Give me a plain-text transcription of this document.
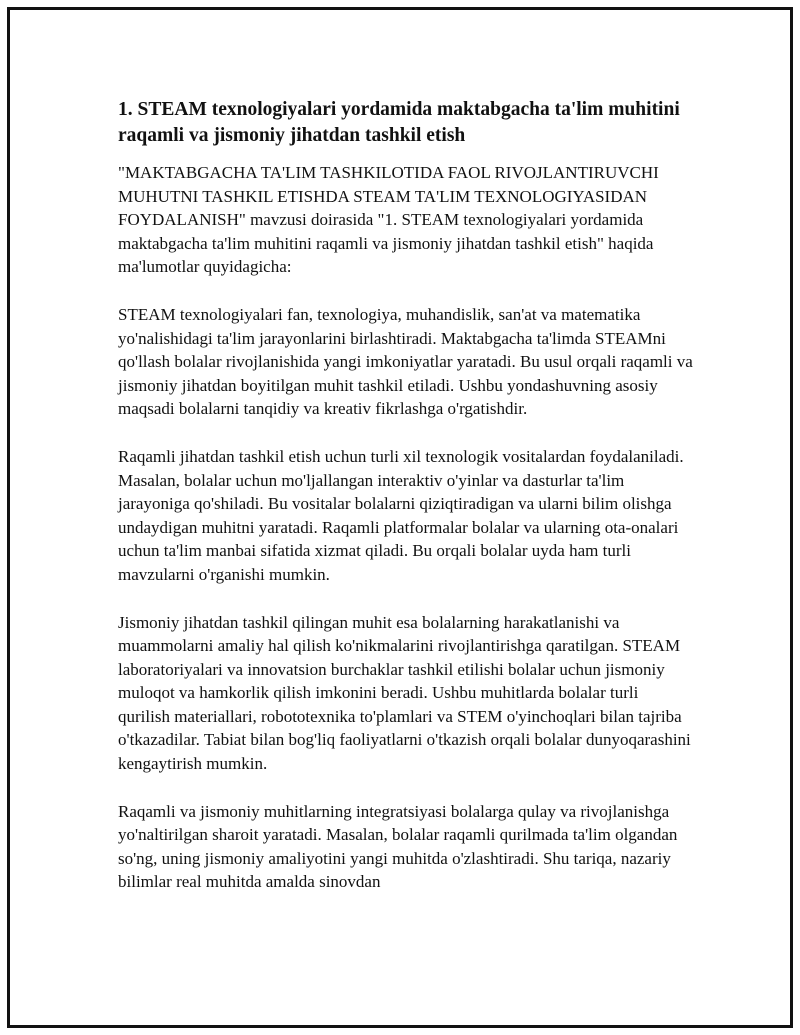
1. STEAM texnologiyalari yordamida maktabgacha ta'lim muhitini raqamli va jismoniy jihatdan tashkil etish

"MAKTABGACHA TA'LIM TASHKILOTIDA FAOL RIVOJLANTIRUVCHI MUHUTNI TASHKIL ETISHDA STEAM TA'LIM TEXNOLOGIYASIDAN FOYDALANISH" mavzusi doirasida "1. STEAM texnologiyalari yordamida maktabgacha ta'lim muhitini raqamli va jismoniy jihatdan tashkil etish" haqida ma'lumotlar quyidagicha:

STEAM texnologiyalari fan, texnologiya, muhandislik, san'at va matematika yo'nalishidagi ta'lim jarayonlarini birlashtiradi. Maktabgacha ta'limda STEAMni qo'llash bolalar rivojlanishida yangi imkoniyatlar yaratadi. Bu usul orqali raqamli va jismoniy jihatdan boyitilgan muhit tashkil etiladi. Ushbu yondashuvning asosiy maqsadi bolalarni tanqidiy va kreativ fikrlashga o'rgatishdir.

Raqamli jihatdan tashkil etish uchun turli xil texnologik vositalardan foydalaniladi. Masalan, bolalar uchun mo'ljallangan interaktiv o'yinlar va dasturlar ta'lim jarayoniga qo'shiladi. Bu vositalar bolalarni qiziqtiradigan va ularni bilim olishga undaydigan muhitni yaratadi. Raqamli platformalar bolalar va ularning ota-onalari uchun ta'lim manbai sifatida xizmat qiladi. Bu orqali bolalar uyda ham turli mavzularni o'rganishi mumkin.

Jismoniy jihatdan tashkil qilingan muhit esa bolalarning harakatlanishi va muammolarni amaliy hal qilish ko'nikmalarini rivojlantirishga qaratilgan. STEAM laboratoriyalari va innovatsion burchaklar tashkil etilishi bolalar uchun jismoniy muloqot va hamkorlik qilish imkonini beradi. Ushbu muhitlarda bolalar turli qurilish materiallari, robototexnika to'plamlari va STEM o'yinchoqlari bilan tajriba o'tkazadilar. Tabiat bilan bog'liq faoliyatlarni o'tkazish orqali bolalar dunyoqarashini kengaytirish mumkin.

Raqamli va jismoniy muhitlarning integratsiyasi bolalarga qulay va rivojlanishga yo'naltirilgan sharoit yaratadi. Masalan, bolalar raqamli qurilmada ta'lim olgandan so'ng, uning jismoniy amaliyotini yangi muhitda o'zlashtiradi. Shu tariqa, nazariy bilimlar real muhitda amalda sinovdan
